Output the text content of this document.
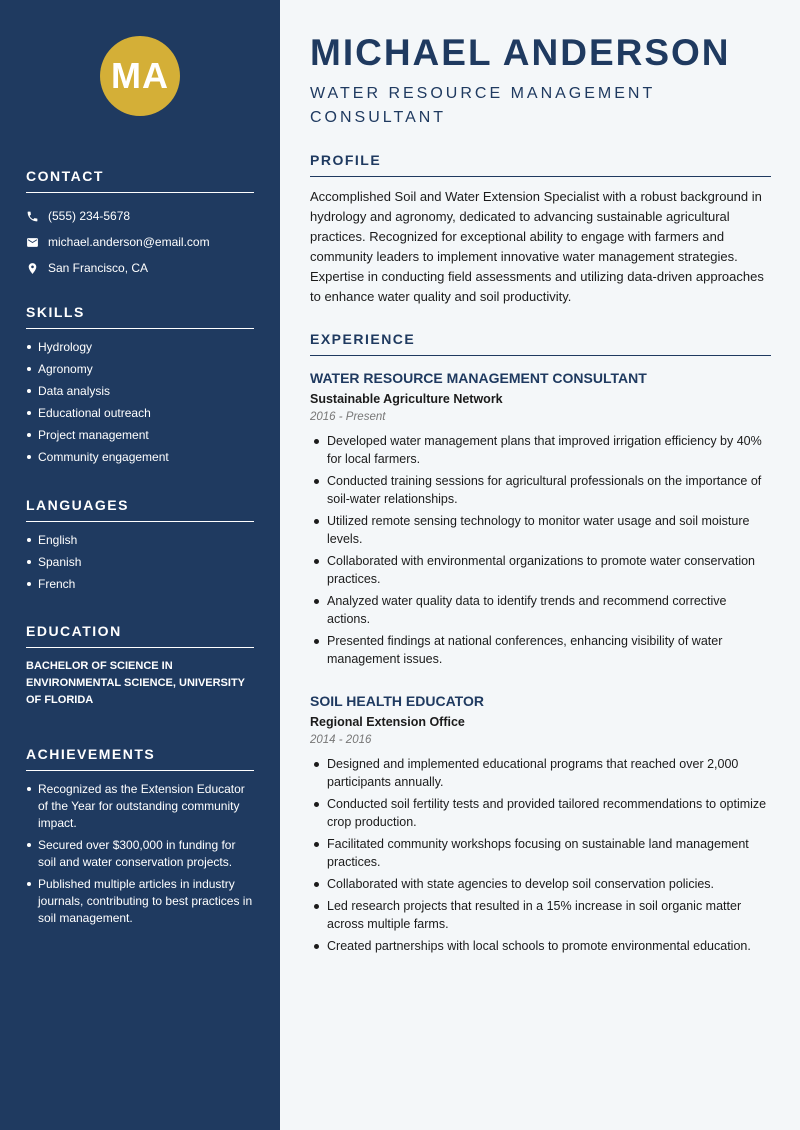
MA
CONTACT
(555) 234-5678
michael.anderson@email.com
San Francisco, CA
SKILLS
Hydrology
Agronomy
Data analysis
Educational outreach
Project management
Community engagement
LANGUAGES
English
Spanish
French
EDUCATION
BACHELOR OF SCIENCE IN ENVIRONMENTAL SCIENCE, UNIVERSITY OF FLORIDA
ACHIEVEMENTS
Recognized as the Extension Educator of the Year for outstanding community impact.
Secured over $300,000 in funding for soil and water conservation projects.
Published multiple articles in industry journals, contributing to best practices in soil management.
MICHAEL ANDERSON
WATER RESOURCE MANAGEMENT CONSULTANT
PROFILE
Accomplished Soil and Water Extension Specialist with a robust background in hydrology and agronomy, dedicated to advancing sustainable agricultural practices. Recognized for exceptional ability to engage with farmers and community leaders to implement innovative water management strategies. Expertise in conducting field assessments and utilizing data-driven approaches to enhance water quality and soil productivity.
EXPERIENCE
WATER RESOURCE MANAGEMENT CONSULTANT
Sustainable Agriculture Network
2016 - Present
Developed water management plans that improved irrigation efficiency by 40% for local farmers.
Conducted training sessions for agricultural professionals on the importance of soil-water relationships.
Utilized remote sensing technology to monitor water usage and soil moisture levels.
Collaborated with environmental organizations to promote water conservation practices.
Analyzed water quality data to identify trends and recommend corrective actions.
Presented findings at national conferences, enhancing visibility of water management issues.
SOIL HEALTH EDUCATOR
Regional Extension Office
2014 - 2016
Designed and implemented educational programs that reached over 2,000 participants annually.
Conducted soil fertility tests and provided tailored recommendations to optimize crop production.
Facilitated community workshops focusing on sustainable land management practices.
Collaborated with state agencies to develop soil conservation policies.
Led research projects that resulted in a 15% increase in soil organic matter across multiple farms.
Created partnerships with local schools to promote environmental education.
